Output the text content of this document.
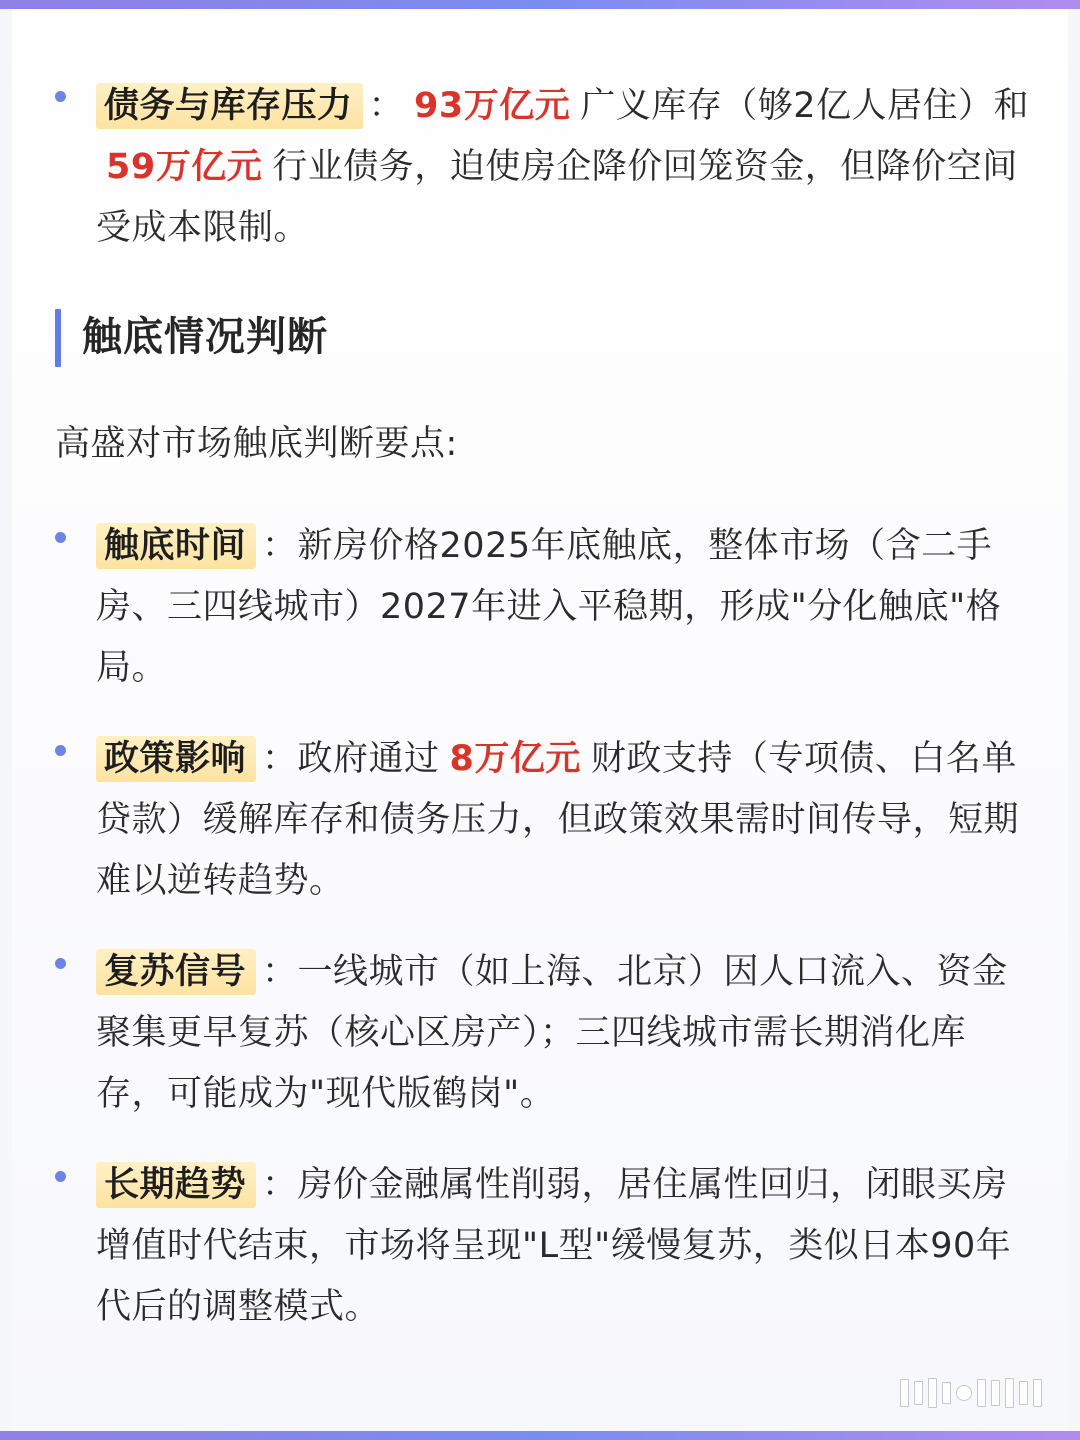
债务与库存压力 ： 93万亿元 广义库存（够2亿人居住）和59万亿元 行业债务，迫使房企降价回笼资金，但降价空间受成本限制。
触底情况判断
高盛对市场触底判断要点:
触底时间 ：新房价格2025年底触底，整体市场（含二手房、三四线城市）2027年进入平稳期，形成"分化触底"格局。
政策影响 ：政府通过 8万亿元 财政支持（专项债、白名单贷款）缓解库存和债务压力，但政策效果需时间传导，短期难以逆转趋势。
复苏信号 ：一线城市（如上海、北京）因人口流入、资金聚集更早复苏（核心区房产）；三四线城市需长期消化库存，可能成为"现代版鹤岗"。
长期趋势 ：房价金融属性削弱，居住属性回归，闭眼买房增值时代结束，市场将呈现"L型"缓慢复苏，类似日本90年代后的调整模式。
